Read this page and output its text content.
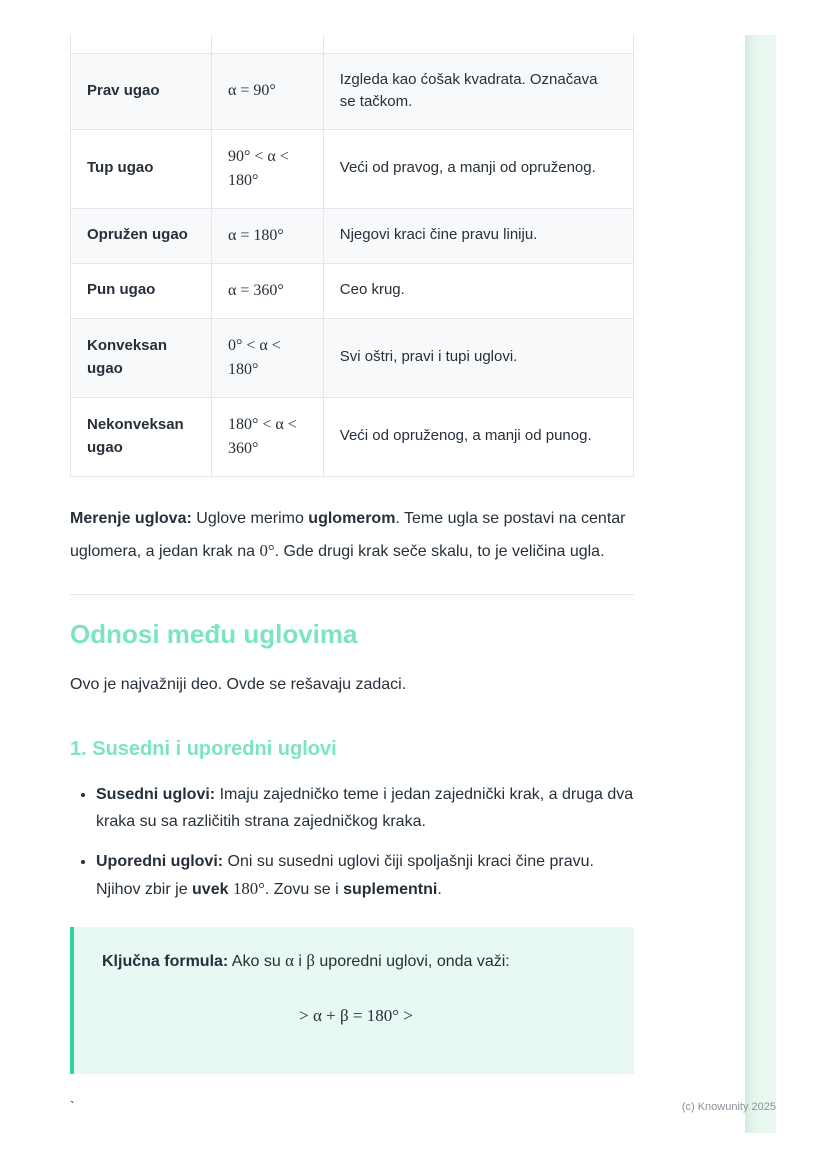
Prav ugao	α = 90°	Izgleda kao ćošak kvadrata. Označava se tačkom.
Tup ugao	90° < α < 180°	Veći od pravog, a manji od opruženog.
Opružen ugao	α = 180°	Njegovi kraci čine pravu liniju.
Pun ugao	α = 360°	Ceo krug.
Konveksan ugao	0° < α < 180°	Svi oštri, pravi i tupi uglovi.
Nekonveksan ugao	180° < α < 360°	Veći od opruženog, a manji od punog.

Merenje uglova: Uglove merimo uglomerom. Teme ugla se postavi na centar uglomera, a jedan krak na 0°. Gde drugi krak seče skalu, to je veličina ugla.

Odnosi među uglovima

Ovo je najvažniji deo. Ovde se rešavaju zadaci.

1. Susedni i uporedni uglovi
• Susedni uglovi: Imaju zajedničko teme i jedan zajednički krak, a druga dva kraka su sa različitih strana zajedničkog kraka.
• Uporedni uglovi: Oni su susedni uglovi čiji spoljašnji kraci čine pravu. Njihov zbir je uvek 180°. Zovu se i suplementni.
Ključna formula: Ako su α i β uporedni uglovi, onda važi:
> α + β = 180° >
`	(c) Knowunity 2025
